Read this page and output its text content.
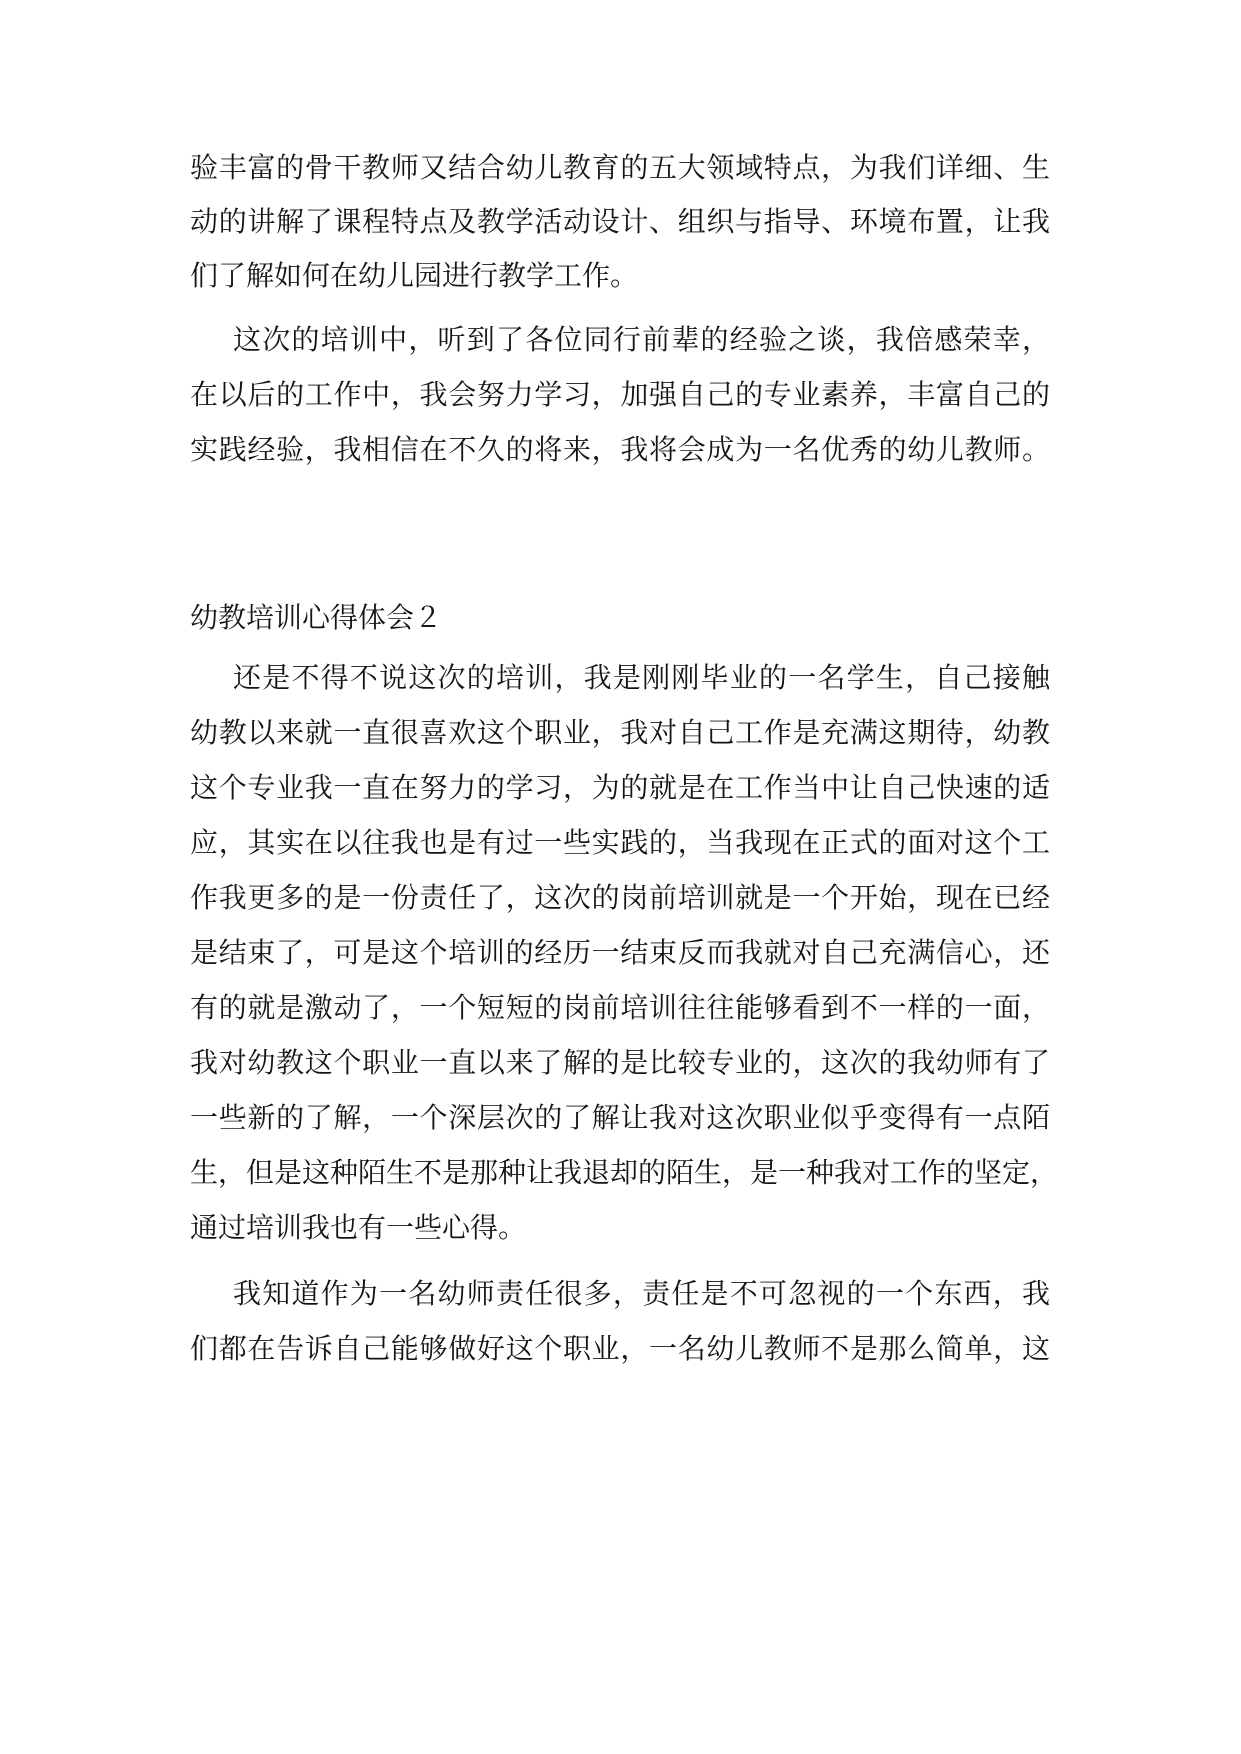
验丰富的骨干教师又结合幼儿教育的五大领域特点，为我们详细、生
动的讲解了课程特点及教学活动设计、组织与指导、环境布置，让我
们了解如何在幼儿园进行教学工作。
这次的培训中，听到了各位同行前辈的经验之谈，我倍感荣幸，
在以后的工作中，我会努力学习，加强自己的专业素养，丰富自己的
实践经验，我相信在不久的将来，我将会成为一名优秀的幼儿教师。
幼教培训心得体会２
还是不得不说这次的培训，我是刚刚毕业的一名学生，自己接触
幼教以来就一直很喜欢这个职业，我对自己工作是充满这期待，幼教
这个专业我一直在努力的学习，为的就是在工作当中让自己快速的适
应，其实在以往我也是有过一些实践的，当我现在正式的面对这个工
作我更多的是一份责任了，这次的岗前培训就是一个开始，现在已经
是结束了，可是这个培训的经历一结束反而我就对自己充满信心，还
有的就是激动了，一个短短的岗前培训往往能够看到不一样的一面，
我对幼教这个职业一直以来了解的是比较专业的，这次的我幼师有了
一些新的了解，一个深层次的了解让我对这次职业似乎变得有一点陌
生，但是这种陌生不是那种让我退却的陌生，是一种我对工作的坚定，
通过培训我也有一些心得。
我知道作为一名幼师责任很多，责任是不可忽视的一个东西，我
们都在告诉自己能够做好这个职业，一名幼儿教师不是那么简单，这
